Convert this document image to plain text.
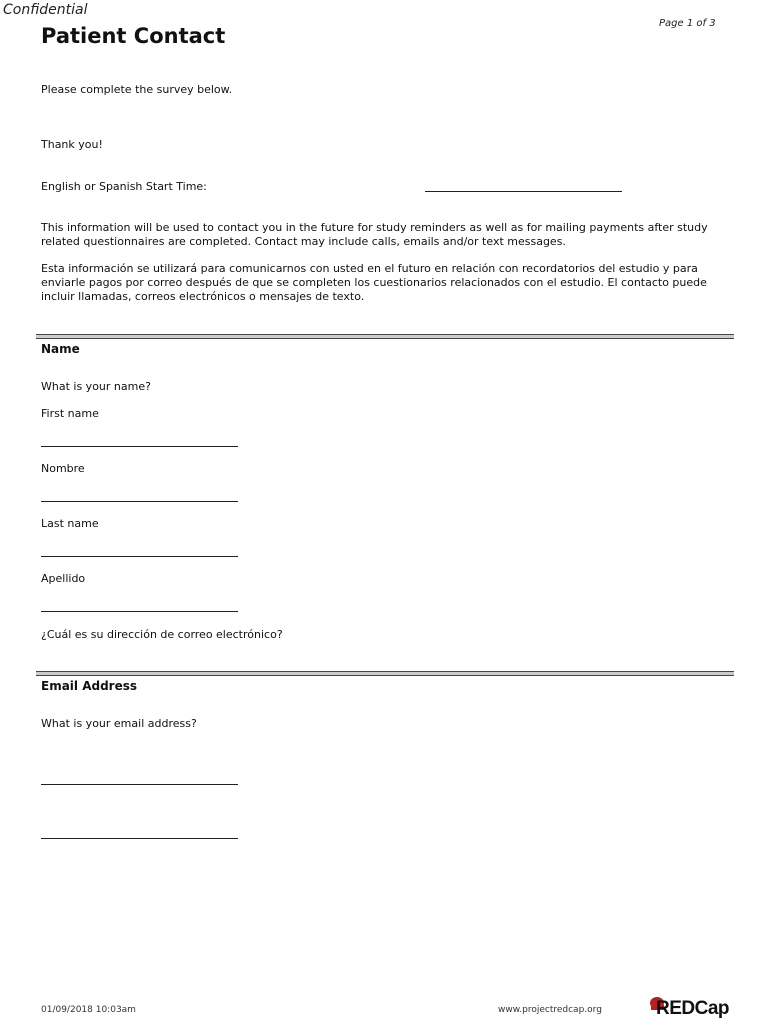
Confidential
Patient Contact
Page 1 of 3
Please complete the survey below.
Thank you!
English or Spanish Start Time:
This information will be used to contact you in the future for study reminders as well as for mailing payments after study related questionnaires are completed. Contact may include calls, emails and/or text messages.
Esta información se utilizará para comunicarnos con usted en el futuro en relación con recordatorios del estudio y para enviarle pagos por correo después de que se completen los cuestionarios relacionados con el estudio. El contacto puede incluir llamadas, correos electrónicos o mensajes de texto.
Name
What is your name?
First name
Nombre
Last name
Apellido
¿Cuál es su dirección de correo electrónico?
Email Address
What is your email address?
01/09/2018 10:03am	www.projectredcap.org	REDCap
